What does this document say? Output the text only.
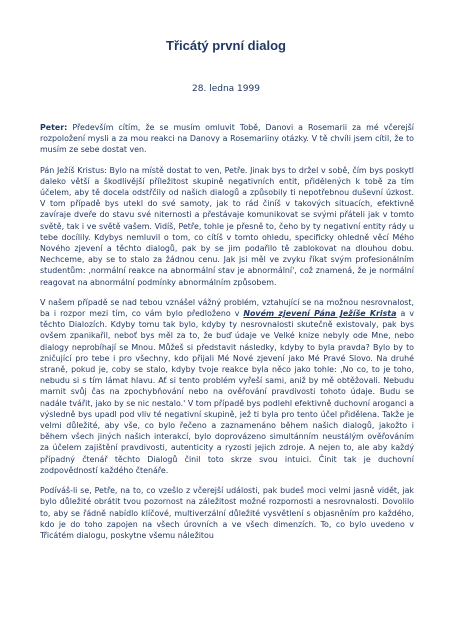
Třicátý první dialog
28. ledna 1999

Peter: Především cítím, že se musím omluvit Tobě, Danovi a Rosemarii za mé včerejší rozpoložení mysli a za mou reakci na Danovy a Rosemariiny otázky. V tě chvíli jsem cítil, že to musím ze sebe dostat ven.

Pán Ježíš Kristus: Bylo na místě dostat to ven, Petře. Jinak bys to držel v sobě, čím bys poskytl daleko větší a škodlivější příležitost skupině negativních entit, přidělených k tobě za tím účelem, aby tě docela odstřčily od našich dialogů a způsobily ti nepotřebnou duševní úzkost. V tom případě bys utekl do své samoty, jak to rád činíš v takových situacích, efektivně zavíraje dveře do stavu své niternosti a přestávaje komunikovat se svými přáteli jak v tomto světě, tak i ve světě vašem. Vidíš, Petře, tohle je přesně to, čeho by ty negativní entity rády u tebe docílily. Kdybys nemluvil o tom, co cítíš v tomto ohledu, specificky ohledně věcí Mého Nového zjevení a těchto dialogů, pak by se jim podařilo tě zablokovat na dlouhou dobu. Nechceme, aby se to stalo za žádnou cenu. Jak jsi měl ve zvyku říkat svým profesionálním studentům: ‚normální reakce na abnormální stav je abnormální', což znamená, že je normální reagovat na abnormální podmínky abnormálním způsobem.

V našem případě se nad tebou vznášel vážný problém, vztahující se na možnou nesrovnalost, ba i rozpor mezi tím, co vám bylo předloženo v Novém zjevení Pána Ježíše Krista a v těchto Dialozích. Kdyby tomu tak bylo, kdyby ty nesrovnalosti skutečně existovaly, pak bys ovšem zpanikařil, neboť bys měl za to, že buď údaje ve Velké knize nebyly ode Mne, nebo dialogy neprobíhají se Mnou. Můžeš si představit následky, kdyby to byla pravda? Bylo by to zničující pro tebe i pro všechny, kdo přijali Mé Nové zjevení jako Mé Pravé Slovo. Na druhé straně, pokud je, coby se stalo, kdyby tvoje reakce byla něco jako tohle: ‚No co, to je toho, nebudu si s tím lámat hlavu. Ať si tento problém vyřeší sami, aniž by mě obtěžovali. Nebudu marnit svůj čas na zpochybňování nebo na ověřování pravdivosti tohoto údaje. Budu se nadále tvářit, jako by se nic nestalo.' V tom případě bys podlehl efektivně duchovní aroganci a výsledně bys upadl pod vliv té negativní skupině, jež ti byla pro tento účel přidělena. Takže je velmi důležité, aby vše, co bylo řečeno a zaznamenáno během našich dialogů, jakožto i během všech jiných našich interakcí, bylo doprovázeno simultánním neustálým ověřováním za účelem zajištění pravdivosti, autenticity a ryzosti jejich zdroje. A nejen to, ale aby každý případný čtenář těchto Dialogů činil toto skrze svou intuici. Činit tak je duchovní zodpovědností každého čtenáře.

Podíváš-li se, Petře, na to, co vzešlo z včerejší události, pak budeš moci velmi jasně vidět, jak bylo důležité obrátit tvou pozornost na záležitost možné rozpornosti a nesrovnalosti. Dovolilo to, aby se řádně nabídlo klíčové, multiverzální důležité vysvětlení s objasněním pro každého, kdo je do toho zapojen na všech úrovních a ve všech dimenzích. To, co bylo uvedeno v Třicátém dialogu, poskytne všemu náležitou
